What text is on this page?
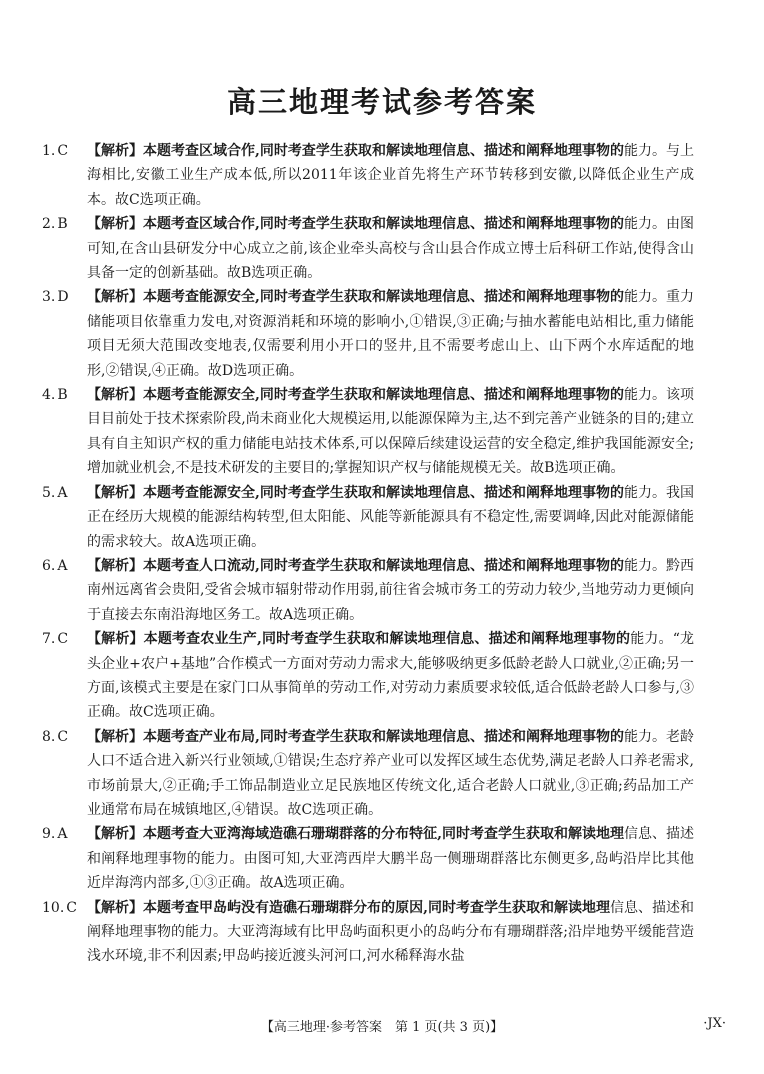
高三地理考试参考答案
1. C 【解析】本题考查区域合作,同时考查学生获取和解读地理信息、描述和阐释地理事物的能力。与上海相比,安徽工业生产成本低,所以2011年该企业首先将生产环节转移到安徽,以降低企业生产成本。故C选项正确。
2. B 【解析】本题考查区域合作,同时考查学生获取和解读地理信息、描述和阐释地理事物的能力。由图可知,在含山县研发分中心成立之前,该企业牵头高校与含山县合作成立博士后科研工作站,使得含山具备一定的创新基础。故B选项正确。
3. D 【解析】本题考查能源安全,同时考查学生获取和解读地理信息、描述和阐释地理事物的能力。重力储能项目依靠重力发电,对资源消耗和环境的影响小,①错误,③正确;与抽水蓄能电站相比,重力储能项目无须大范围改变地表,仅需要利用小开口的竖井,且不需要考虑山上、山下两个水库适配的地形,②错误,④正确。故D选项正确。
4. B 【解析】本题考查能源安全,同时考查学生获取和解读地理信息、描述和阐释地理事物的能力。该项目目前处于技术探索阶段,尚未商业化大规模运用,以能源保障为主,达不到完善产业链条的目的;建立具有自主知识产权的重力储能电站技术体系,可以保障后续建设运营的安全稳定,维护我国能源安全;增加就业机会,不是技术研发的主要目的;掌握知识产权与储能规模无关。故B选项正确。
5. A 【解析】本题考查能源安全,同时考查学生获取和解读地理信息、描述和阐释地理事物的能力。我国正在经历大规模的能源结构转型,但太阳能、风能等新能源具有不稳定性,需要调峰,因此对能源储能的需求较大。故A选项正确。
6. A 【解析】本题考查人口流动,同时考查学生获取和解读地理信息、描述和阐释地理事物的能力。黔西南州远离省会贵阳,受省会城市辐射带动作用弱,前往省会城市务工的劳动力较少,当地劳动力更倾向于直接去东南沿海地区务工。故A选项正确。
7. C 【解析】本题考查农业生产,同时考查学生获取和解读地理信息、描述和阐释地理事物的能力。“龙头企业+农户+基地”合作模式一方面对劳动力需求大,能够吸纳更多低龄老龄人口就业,②正确;另一方面,该模式主要是在家门口从事简单的劳动工作,对劳动力素质要求较低,适合低龄老龄人口参与,③正确。故C选项正确。
8. C 【解析】本题考查产业布局,同时考查学生获取和解读地理信息、描述和阐释地理事物的能力。老龄人口不适合进入新兴行业领域,①错误;生态疗养产业可以发挥区域生态优势,满足老龄人口养老需求,市场前景大,②正确;手工饰品制造业立足民族地区传统文化,适合老龄人口就业,③正确;药品加工产业通常布局在城镇地区,④错误。故C选项正确。
9. A 【解析】本题考查大亚湾海域造礁石珊瑚群落的分布特征,同时考查学生获取和解读地理信息、描述和阐释地理事物的能力。由图可知,大亚湾西岸大鹏半岛一侧珊瑚群落比东侧更多,岛屿沿岸比其他近岸海湾内部多,①③正确。故A选项正确。
10. C 【解析】本题考查甲岛屿没有造礁石珊瑚群分布的原因,同时考查学生获取和解读地理信息、描述和阐释地理事物的能力。大亚湾海域有比甲岛屿面积更小的岛屿分布有珊瑚群落;沿岸地势平缓能营造浅水环境,非不利因素;甲岛屿接近渡头河河口,河水稀释海水盐
【高三地理·参考答案　第 1 页(共 3 页)】	·JX·
